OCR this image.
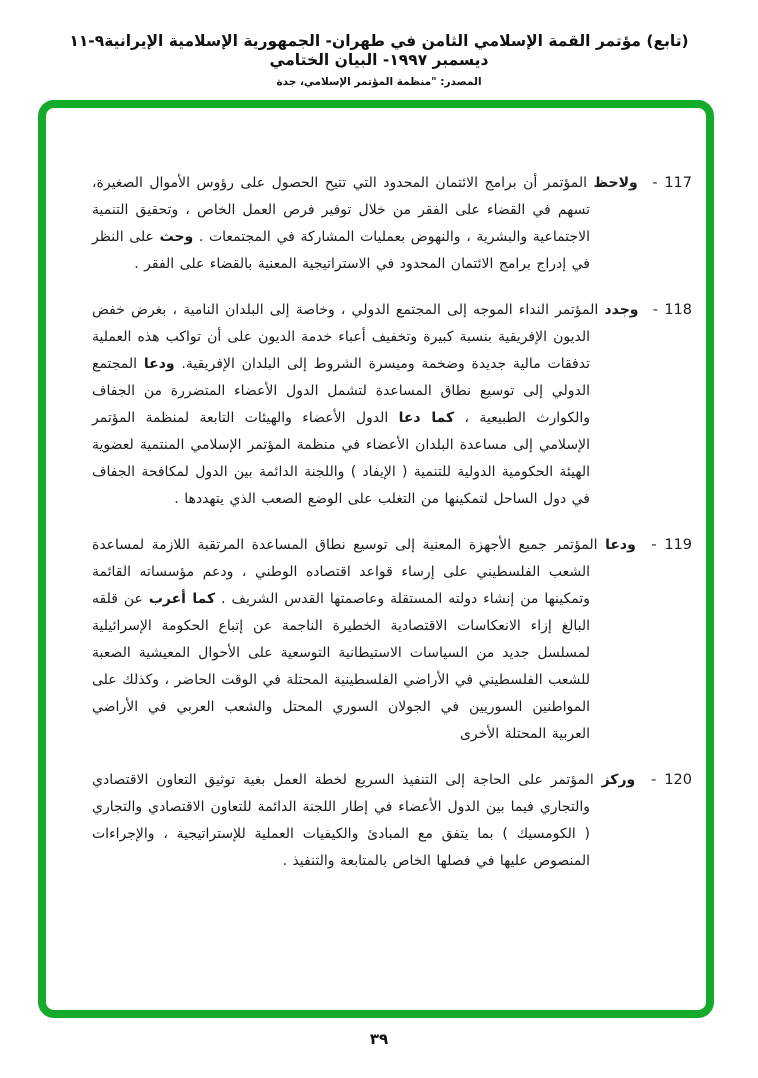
(تابع) مؤتمر القمة الإسلامي الثامن في طهران- الجمهورية الإسلامية الإيرانية٩-١١ ديسمبر ١٩٩٧- البيان الختامي
المصدر: "منظمة المؤتمر الإسلامي، جدة
117 - ولاحظ المؤتمر أن برامج الائتمان المحدود التي تتيح الحصول على رؤوس الأموال الصغيرة، تسهم في القضاء على الفقر من خلال توفير فرص العمل الخاص ، وتحقيق التنمية الاجتماعية والبشرية ، والنهوض بعمليات المشاركة في المجتمعات . وحث على النظر في إدراج برامج الائتمان المحدود في الاستراتيجية المعنية بالقضاء على الفقر .
118 - وجدد المؤتمر النداء الموجه إلى المجتمع الدولي ، وخاصة إلى البلدان النامية ، بغرض خفض الديون الإفريقية بنسبة كبيرة وتخفيف أعباء خدمة الديون على أن تواكب هذه العملية تدفقات مالية جديدة وضخمة وميسرة الشروط إلى البلدان الإفريقية. ودعا المجتمع الدولي إلى توسيع نطاق المساعدة لتشمل الدول الأعضاء المتضررة من الجفاف والكوارث الطبيعية ، كما دعا الدول الأعضاء والهيئات التابعة لمنظمة المؤتمر الإسلامي إلى مساعدة البلدان الأعضاء في منظمة المؤتمر الإسلامي المنتمية لعضوية الهيئة الحكومية الدولية للتنمية ( الإيفاد ) واللجنة الدائمة بين الدول لمكافحة الجفاف في دول الساحل لتمكينها من التغلب على الوضع الصعب الذي يتهددها .
119 - ودعا المؤتمر جميع الأجهزة المعنية إلى توسيع نطاق المساعدة المرتقبة اللازمة لمساعدة الشعب الفلسطيني على إرساء قواعد اقتصاده الوطني ، ودعم مؤسساته القائمة وتمكينها من إنشاء دولته المستقلة وعاصمتها القدس الشريف . كما أعرب عن قلقه البالغ إزاء الانعكاسات الاقتصادية الخطيرة الناجمة عن إتباع الحكومة الإسرائيلية لمسلسل جديد من السياسات الاستيطانية التوسعية على الأحوال المعيشية الصعبة للشعب الفلسطيني في الأراضي الفلسطينية المحتلة في الوقت الحاضر ، وكذلك على المواطنين السوريين في الجولان السوري المحتل والشعب العربي في الأراضي العربية المحتلة الأخرى
120 - وركز المؤتمر على الحاجة إلى التنفيذ السريع لخطة العمل بغية توثيق التعاون الاقتصادي والتجاري فيما بين الدول الأعضاء في إطار اللجنة الدائمة للتعاون الاقتصادي والتجاري ( الكومسيك ) بما يتفق مع المبادئ والكيفيات العملية للإستراتيجية ، والإجراءات المنصوص عليها في فصلها الخاص بالمتابعة والتنفيذ .
٣٩
